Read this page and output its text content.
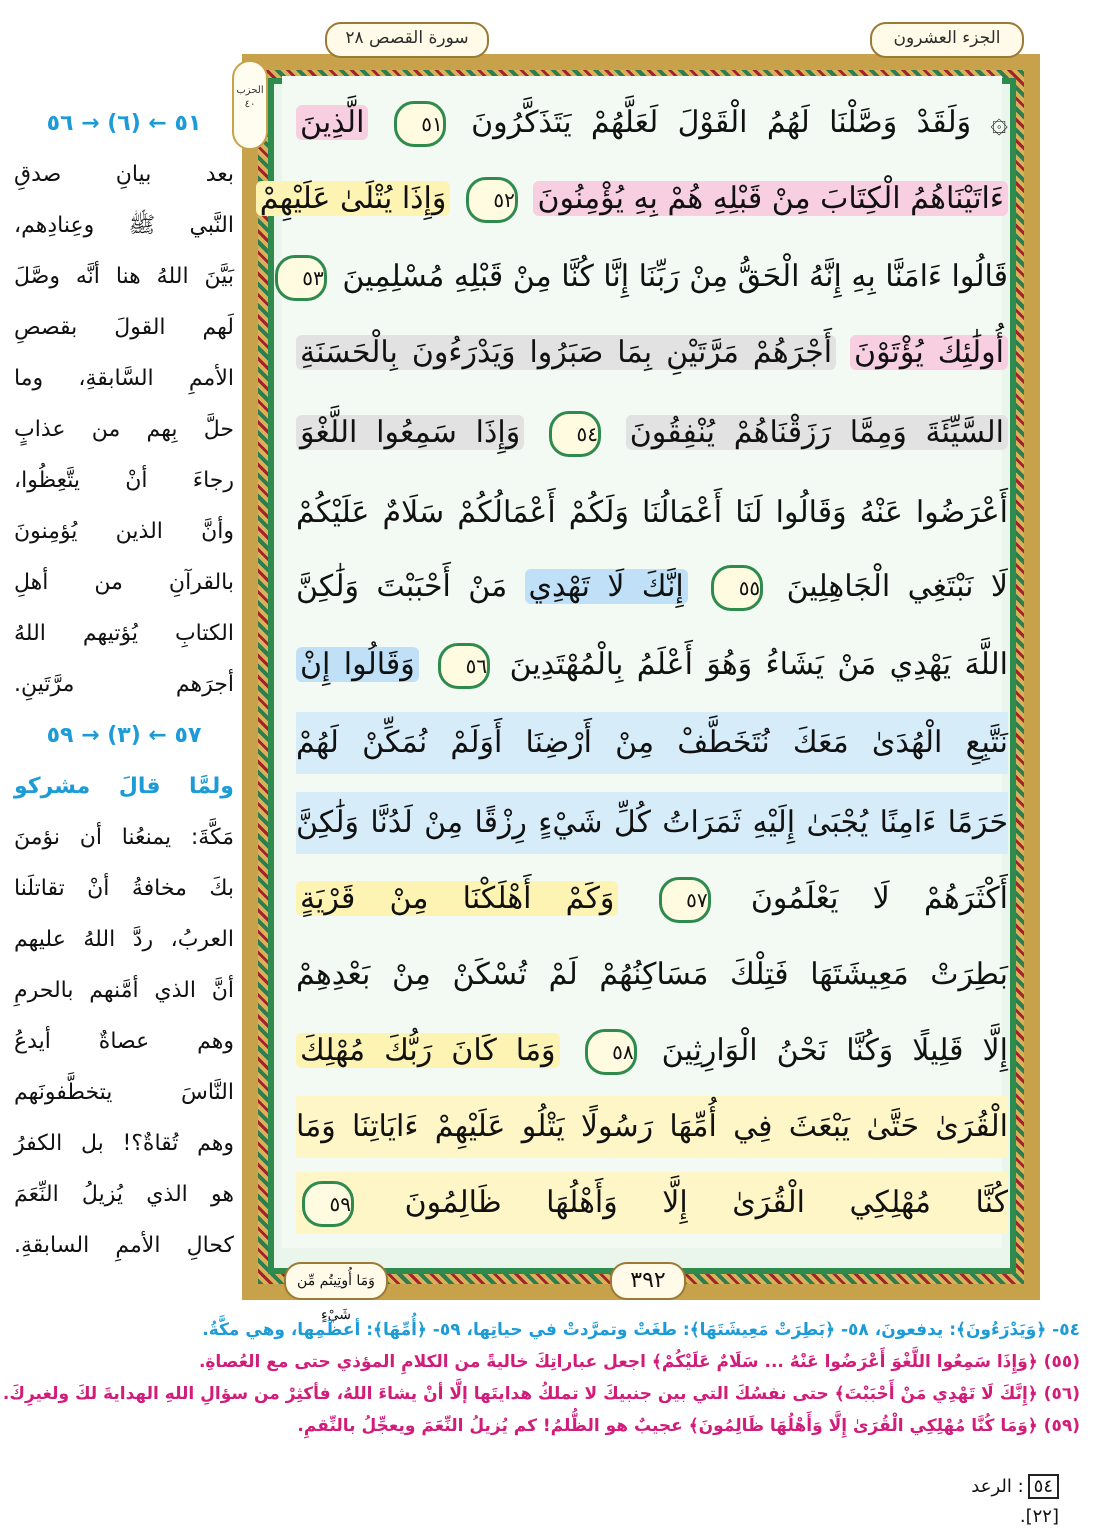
الجزء العشرون
سورة القصص ٢٨
الحزب ٤٠
۞ وَلَقَدْ وَصَّلْنَا لَهُمُ الْقَوْلَ لَعَلَّهُمْ يَتَذَكَّرُونَ ٥١ الَّذِينَ
ءَاتَيْنَاهُمُ الْكِتَابَ مِنْ قَبْلِهِ هُمْ بِهِ يُؤْمِنُونَ ٥٢ وَإِذَا يُتْلَىٰ عَلَيْهِمْ
قَالُوا ءَامَنَّا بِهِ إِنَّهُ الْحَقُّ مِنْ رَبِّنَا إِنَّا كُنَّا مِنْ قَبْلِهِ مُسْلِمِينَ ٥٣
أُولَٰئِكَ يُؤْتَوْنَ أَجْرَهُمْ مَرَّتَيْنِ بِمَا صَبَرُوا وَيَدْرَءُونَ بِالْحَسَنَةِ
السَّيِّئَةَ وَمِمَّا رَزَقْنَاهُمْ يُنْفِقُونَ ٥٤ وَإِذَا سَمِعُوا اللَّغْوَ
أَعْرَضُوا عَنْهُ وَقَالُوا لَنَا أَعْمَالُنَا وَلَكُمْ أَعْمَالُكُمْ سَلَامٌ عَلَيْكُمْ
لَا نَبْتَغِي الْجَاهِلِينَ ٥٥ إِنَّكَ لَا تَهْدِي مَنْ أَحْبَبْتَ وَلَٰكِنَّ
اللَّهَ يَهْدِي مَنْ يَشَاءُ وَهُوَ أَعْلَمُ بِالْمُهْتَدِينَ ٥٦ وَقَالُوا إِنْ
نَتَّبِعِ الْهُدَىٰ مَعَكَ نُتَخَطَّفْ مِنْ أَرْضِنَا أَوَلَمْ نُمَكِّنْ لَهُمْ
حَرَمًا ءَامِنًا يُجْبَىٰ إِلَيْهِ ثَمَرَاتُ كُلِّ شَيْءٍ رِزْقًا مِنْ لَدُنَّا وَلَٰكِنَّ
أَكْثَرَهُمْ لَا يَعْلَمُونَ ٥٧ وَكَمْ أَهْلَكْنَا مِنْ قَرْيَةٍ
بَطِرَتْ مَعِيشَتَهَا فَتِلْكَ مَسَاكِنُهُمْ لَمْ تُسْكَنْ مِنْ بَعْدِهِمْ
إِلَّا قَلِيلًا وَكُنَّا نَحْنُ الْوَارِثِينَ ٥٨ وَمَا كَانَ رَبُّكَ مُهْلِكَ
الْقُرَىٰ حَتَّىٰ يَبْعَثَ فِي أُمِّهَا رَسُولًا يَتْلُو عَلَيْهِمْ ءَايَاتِنَا وَمَا
كُنَّا مُهْلِكِي الْقُرَىٰ إِلَّا وَأَهْلُهَا ظَالِمُونَ ٥٩
٣٩٢
وَمَا أُوتِيتُم مِّن شَيْءٍ
٥١ ← (٦) → ٥٦
بعد بيانِ صدقِ
النَّبي ﷺ وعِنادِهم،
بَيَّنَ اللهُ هنا أنَّه وصَّلَ
لَهم القولَ بقصصِ
الأممِ السَّابقةِ، وما
حلَّ بِهم من عذابٍ
رجاءَ أنْ يتَّعِظُوا،
وأنَّ الذين يُؤمِنونَ
بالقرآنِ من أهلِ
الكتابِ يُؤتيهم اللهُ
أجرَهم مرَّتَينِ.
٥٧ ← (٣) → ٥٩
ولمَّا قالَ مشركو
مَكَّةَ: يمنعُنا أن نؤمنَ
بكَ مخافةُ أنْ تقاتلَنا
العربُ، ردَّ اللهُ عليهم
أنَّ الذي أمَّنهم بالحرمِ
وهم عصاةٌ أيدعُ
النَّاسَ يتخطَّفونَهم
وهم تُقاةٌ؟! بل الكفرُ
هو الذي يُزيلُ النِّعَمَ
كحالِ الأممِ السابقةِ.
٥٤- ﴿وَيَدْرَءُونَ﴾: يدفعونَ، ٥٨- ﴿بَطِرَتْ مَعِيشَتَهَا﴾: طغَتْ وتمرَّدتْ في حياتِها، ٥٩- ﴿أُمِّهَا﴾: أعظَمِها، وهي مكَّةُ.
(٥٥) ﴿وَإِذَا سَمِعُوا اللَّغْوَ أَعْرَضُوا عَنْهُ ... سَلَامٌ عَلَيْكُمْ﴾ اجعل عباراتِكَ خاليةً من الكلامِ المؤذي حتى مع العُصاةِ.
(٥٦) ﴿إِنَّكَ لَا تَهْدِي مَنْ أَحْبَبْتَ﴾ حتى نفسُكَ التي بين جنبيكَ لا تملكُ هدايتَها إلَّا أنْ يشاءَ اللهُ، فأكثِرْ من سؤالِ اللهِ الهدايةَ لكَ ولغيرِكَ.
(٥٩) ﴿وَمَا كُنَّا مُهْلِكِي الْقُرَىٰ إِلَّا وَأَهْلُهَا ظَالِمُونَ﴾ عجيبٌ هو الظُّلمُ! كم يُزيلُ النِّعَمَ ويعجِّلُ بالنِّقمِ.
٥٤: الرعد [٢٢].
